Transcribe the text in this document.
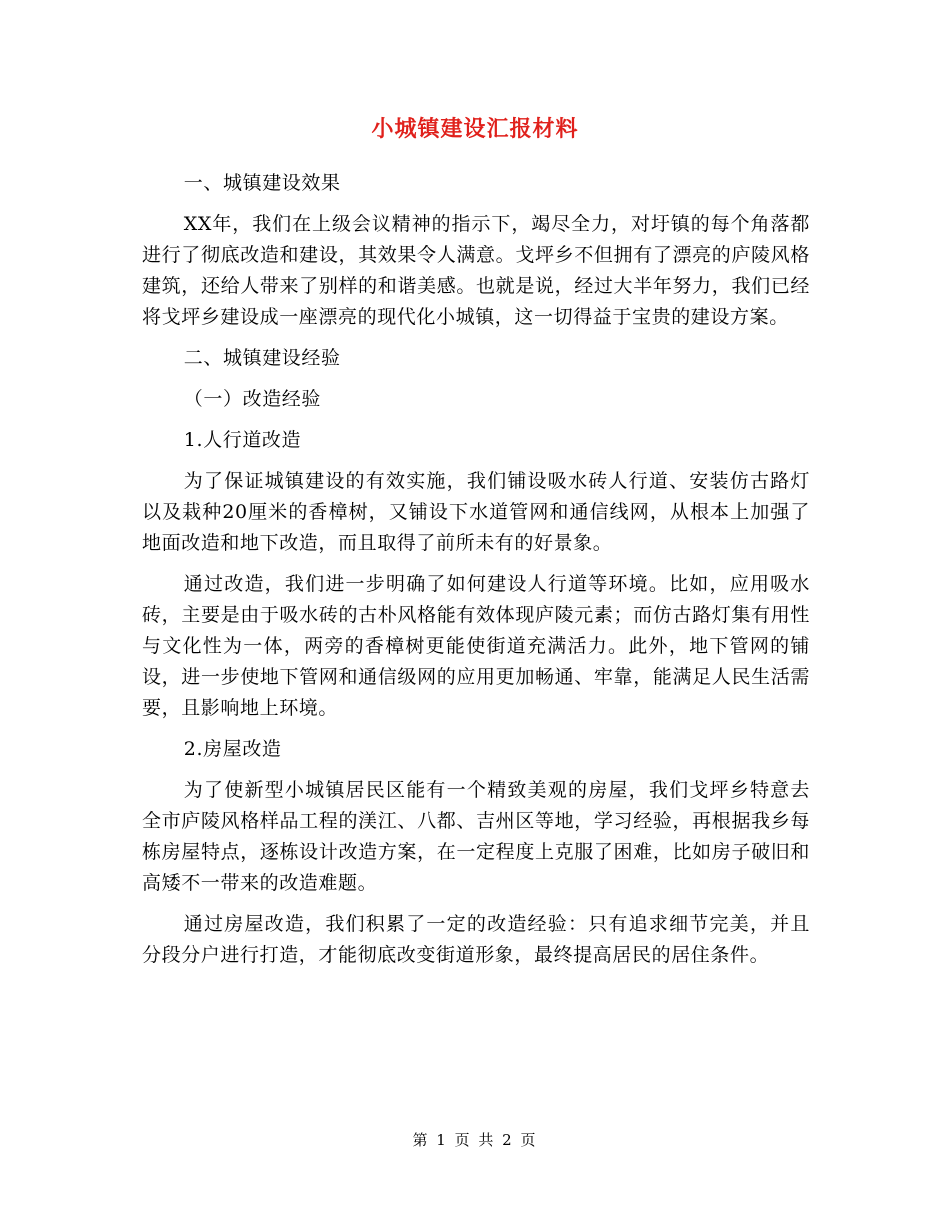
小城镇建设汇报材料

一、城镇建设效果

XX年，我们在上级会议精神的指示下，竭尽全力，对圩镇的每个角落都进行了彻底改造和建设，其效果令人满意。戈坪乡不但拥有了漂亮的庐陵风格建筑，还给人带来了别样的和谐美感。也就是说，经过大半年努力，我们已经将戈坪乡建设成一座漂亮的现代化小城镇，这一切得益于宝贵的建设方案。

二、城镇建设经验

（一）改造经验

1.人行道改造

为了保证城镇建设的有效实施，我们铺设吸水砖人行道、安装仿古路灯以及栽种20厘米的香樟树，又铺设下水道管网和通信线网，从根本上加强了地面改造和地下改造，而且取得了前所未有的好景象。

通过改造，我们进一步明确了如何建设人行道等环境。比如，应用吸水砖，主要是由于吸水砖的古朴风格能有效体现庐陵元素；而仿古路灯集有用性与文化性为一体，两旁的香樟树更能使街道充满活力。此外，地下管网的铺设，进一步使地下管网和通信级网的应用更加畅通、牢靠，能满足人民生活需要，且影响地上环境。

2.房屋改造

为了使新型小城镇居民区能有一个精致美观的房屋，我们戈坪乡特意去全市庐陵风格样品工程的渼江、八都、吉州区等地，学习经验，再根据我乡每栋房屋特点，逐栋设计改造方案，在一定程度上克服了困难，比如房子破旧和高矮不一带来的改造难题。

通过房屋改造，我们积累了一定的改造经验：只有追求细节完美，并且分段分户进行打造，才能彻底改变街道形象，最终提高居民的居住条件。

第 1 页 共 2 页
